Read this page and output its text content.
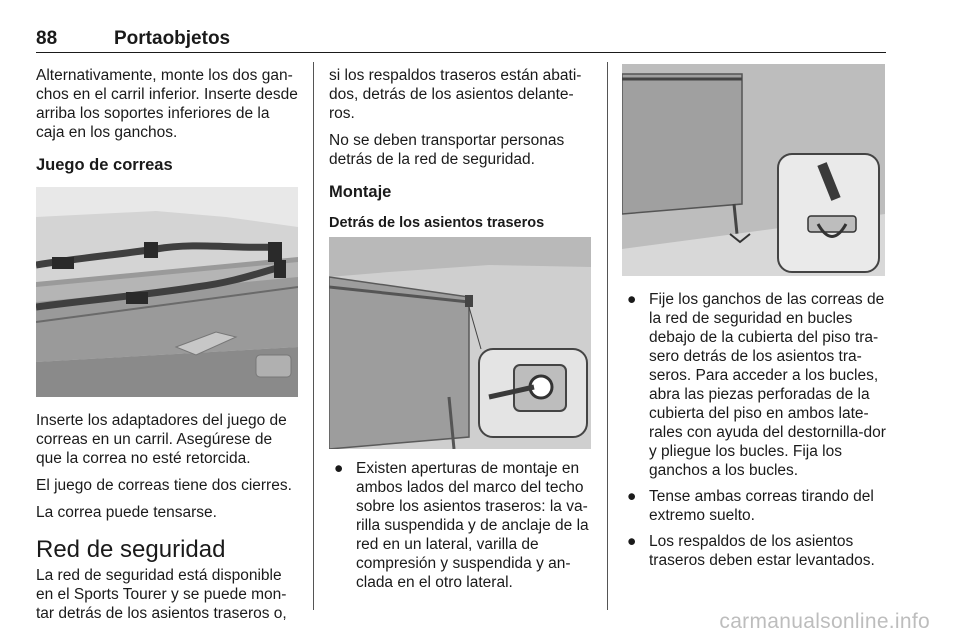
88	Portaobjetos

Alternativamente, monte los dos gan-chos en el carril inferior. Inserte desde arriba los soportes inferiores de la caja en los ganchos.

Juego de correas

Inserte los adaptadores del juego de correas en un carril. Asegúrese de que la correa no esté retorcida.

El juego de correas tiene dos cierres.

La correa puede tensarse.

Red de seguridad

La red de seguridad está disponible en el Sports Tourer y se puede mon-tar detrás de los asientos traseros o,

si los respaldos traseros están abati-dos, detrás de los asientos delante-ros.

No se deben transportar personas detrás de la red de seguridad.

Montaje
Detrás de los asientos traseros
● Existen aperturas de montaje en ambos lados del marco del techo sobre los asientos traseros: la va-rilla suspendida y de anclaje de la red en un lateral, varilla de compresión y suspendida y an-clada en el otro lateral.
● Fije los ganchos de las correas de la red de seguridad en bucles debajo de la cubierta del piso tra-sero detrás de los asientos tra-seros. Para acceder a los bucles, abra las piezas perforadas de la cubierta del piso en ambos late-rales con ayuda del destornilla-dor y pliegue los bucles. Fija los ganchos a los bucles.
● Tense ambas correas tirando del extremo suelto.
● Los respaldos de los asientos traseros deben estar levantados.
carmanualsonline.info
